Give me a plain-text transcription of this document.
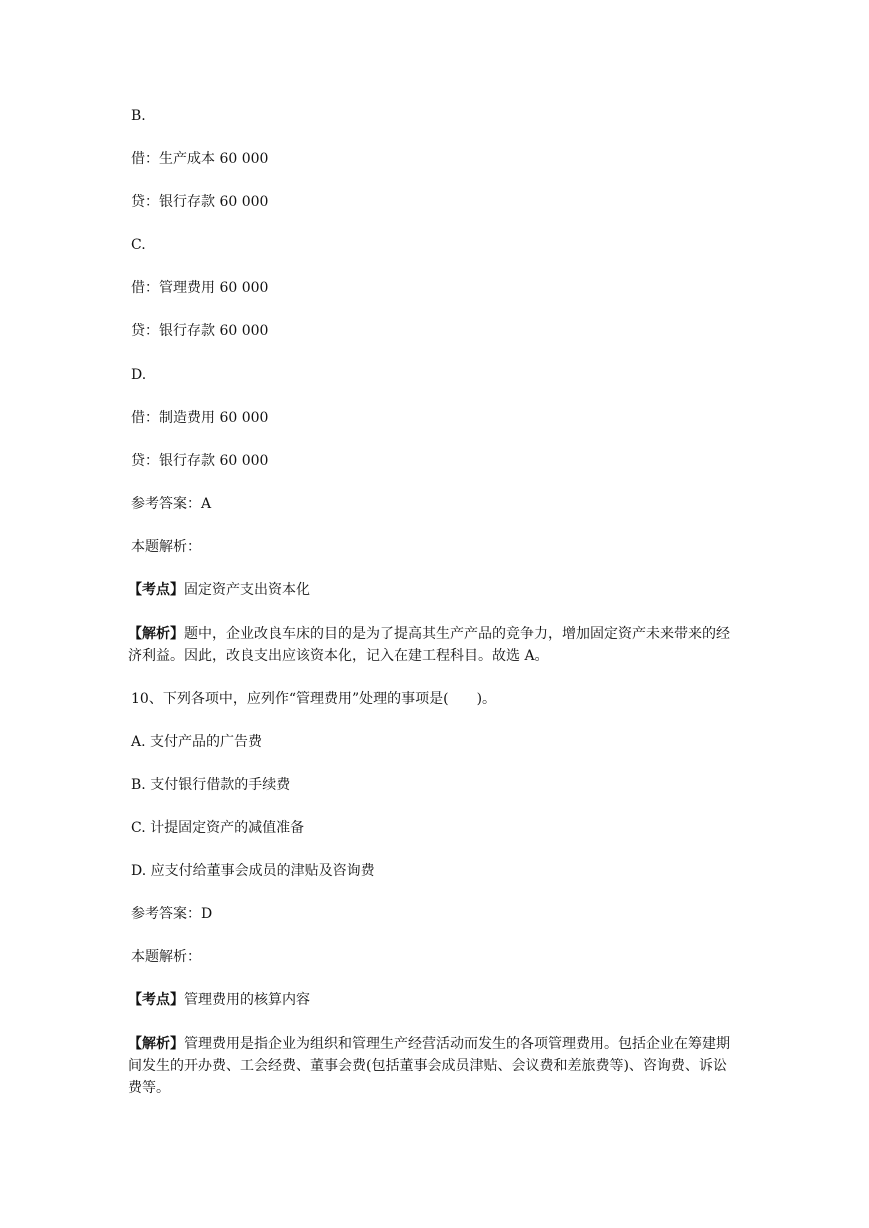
B.
借：生产成本 60 000
贷：银行存款 60 000
C.
借：管理费用 60 000
贷：银行存款 60 000
D.
借：制造费用 60 000
贷：银行存款 60 000
参考答案：A
本题解析：
【考点】固定资产支出资本化
【解析】题中，企业改良车床的目的是为了提高其生产产品的竞争力，增加固定资产未来带来的经济利益。因此，改良支出应该资本化，记入在建工程科目。故选 A。
10、下列各项中，应列作“管理费用”处理的事项是(　　)。
A. 支付产品的广告费
B. 支付银行借款的手续费
C. 计提固定资产的减值准备
D. 应支付给董事会成员的津贴及咨询费
参考答案：D
本题解析：
【考点】管理费用的核算内容
【解析】管理费用是指企业为组织和管理生产经营活动而发生的各项管理费用。包括企业在筹建期间发生的开办费、工会经费、董事会费(包括董事会成员津贴、会议费和差旅费等)、咨询费、诉讼费等。
